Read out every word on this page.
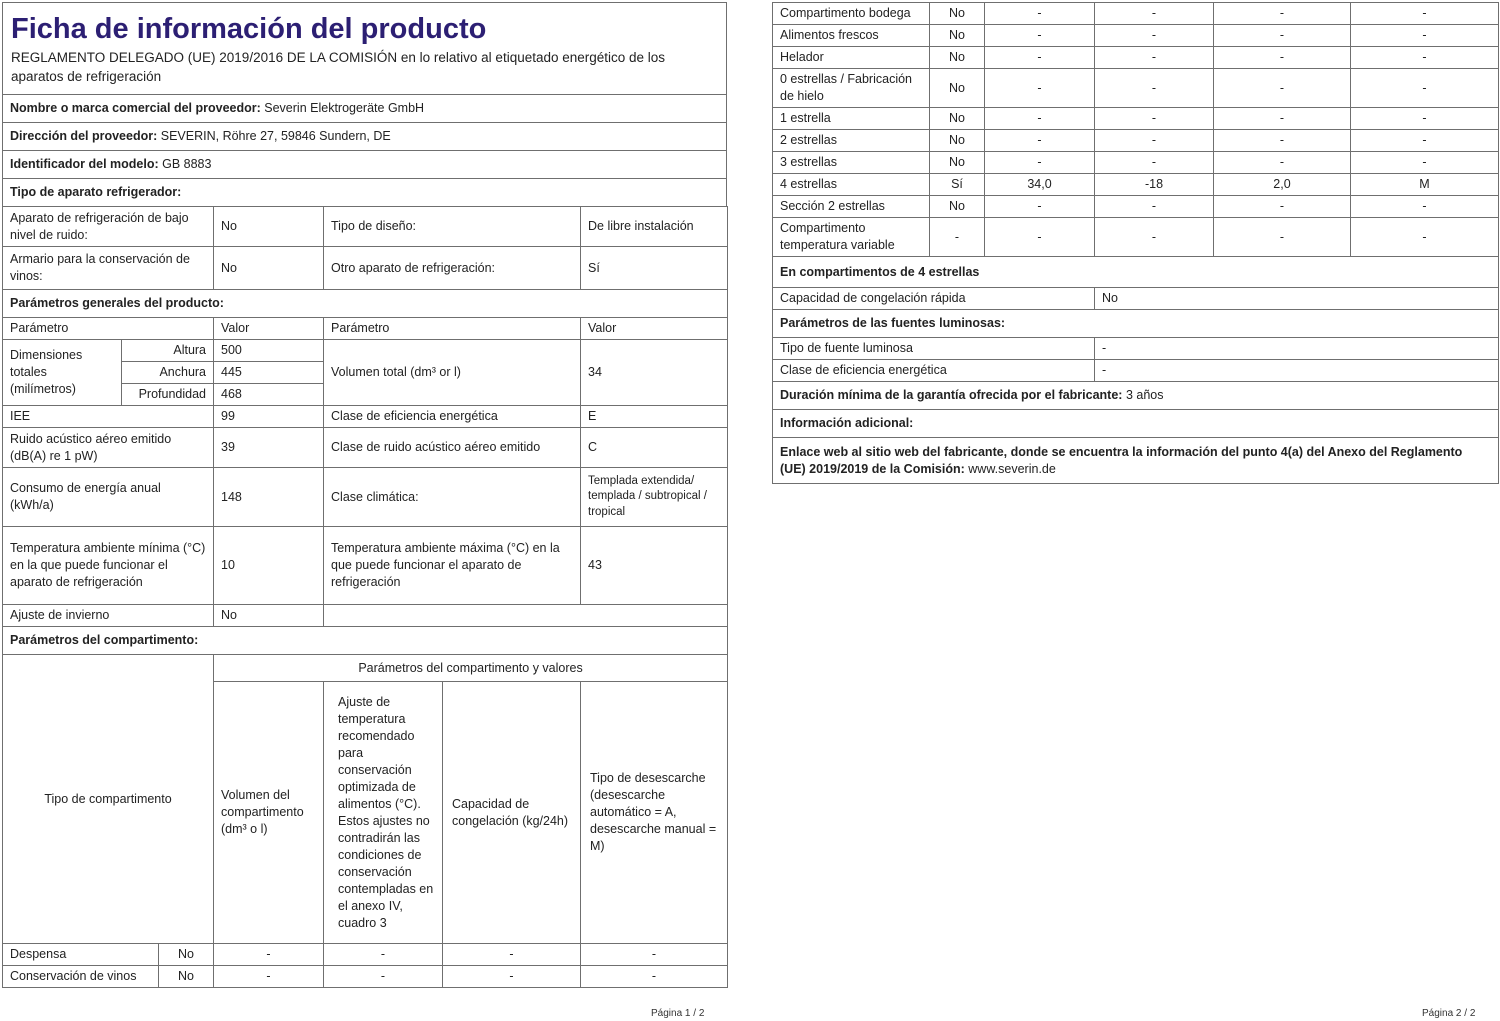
Ficha de información del producto
REGLAMENTO DELEGADO (UE) 2019/2016 DE LA COMISIÓN en lo relativo al etiquetado energético de los aparatos de refrigeración

Nombre o marca comercial del proveedor: Severin Elektrogeräte GmbH
Dirección del proveedor: SEVERIN, Röhre 27, 59846 Sundern, DE
Identificador del modelo: GB 8883
Tipo de aparato refrigerador:
Aparato de refrigeración de bajo nivel de ruido:		No	Tipo de diseño:	De libre instalación
Armario para la conservación de vinos:		No	Otro aparato de refrigeración:	Sí
Parámetros generales del producto:				
Parámetro		Valor	Parámetro	Valor
Dimensiones totales (milímetros)	Altura	500	Volumen total (dm³ or l)	34
	Anchura	445		
	Profundidad	468		
IEE		99	Clase de eficiencia energética	E
Ruido acústico aéreo emitido (dB(A) re 1 pW)		39	Clase de ruido acústico aéreo emitido	C
Consumo de energía anual (kWh/a)		148	Clase climática:	Templada extendida/ templada / subtropical / tropical
Temperatura ambiente mínima (°C) en la que puede funcionar el aparato de refrigeración		10	Temperatura ambiente máxima (°C) en la que puede funcionar el aparato de refrigeración	43
Ajuste de invierno		No		
Parámetros del compartimento:				
Tipo de compartimento		Parámetros del compartimento y valores			
		Volumen del compartimento (dm³ o l)	Ajuste de temperatura recomendado para conservación optimizada de alimentos (°C). Estos ajustes no contradirán las condiciones de conservación contempladas en el anexo IV, cuadro 3	Capacidad de congelación (kg/24h)	Tipo de desescarche (desescarche automático = A, desescarche manual = M)
Despensa	No	-	-	-	-
Conservación de vinos	No	-	-	-	-
Página 1 / 2
Compartimento bodega	No	-	-	-	-
Alimentos frescos	No	-	-	-	-
Helador	No	-	-	-	-
0 estrellas / Fabricación de hielo	No	-	-	-	-
1 estrella	No	-	-	-	-
2 estrellas	No	-	-	-	-
3 estrellas	No	-	-	-	-
4 estrellas	Sí	34,0	-18	2,0	M
Sección 2 estrellas	No	-	-	-	-
Compartimento temperatura variable	-	-	-	-	-
En compartimentos de 4 estrellas	
Capacidad de congelación rápida	No
Parámetros de las fuentes luminosas:	
Tipo de fuente luminosa	-
Clase de eficiencia energética	-
Duración mínima de la garantía ofrecida por el fabricante: 3 años	
Información adicional:	
Enlace web al sitio web del fabricante, donde se encuentra la información del punto 4(a) del Anexo del Reglamento (UE) 2019/2019 de la Comisión: www.severin.de	
Página 2 / 2
